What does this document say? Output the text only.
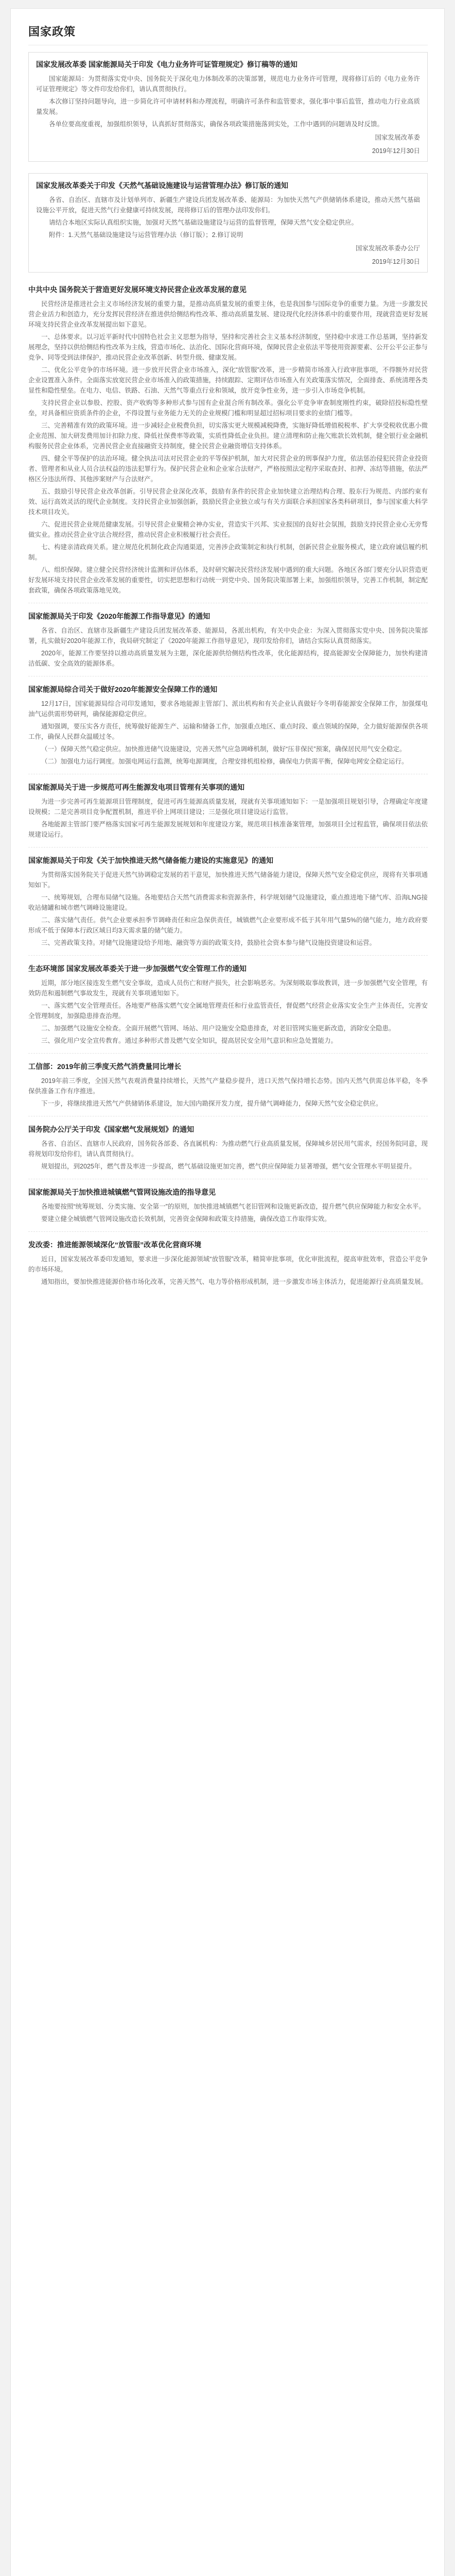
国家政策
国家发展改革委 国家能源局关于印发《电力业务许可证管理规定》修订稿等的通知

国家能源局：为贯彻落实党中央、国务院关于深化电力体制改革的决策部署，规范电力业务许可管理，现将修订后的《电力业务许可证管理规定》等文件印发给你们，请认真贯彻执行。

本次修订坚持问题导向，进一步简化许可申请材料和办理流程，明确许可条件和监管要求，强化事中事后监管，推动电力行业高质量发展。

各单位要高度重视，加强组织领导，认真抓好贯彻落实，确保各项政策措施落到实处，工作中遇到的问题请及时反馈。

国家发展改革委
2019年12月30日
国家发展改革委关于印发《天然气基础设施建设与运营管理办法》修订版的通知

各省、自治区、直辖市及计划单列市、新疆生产建设兵团发展改革委、能源局：为加快天然气产供储销体系建设，推动天然气基础设施公平开放，促进天然气行业健康可持续发展，现将修订后的管理办法印发你们。

请结合本地区实际认真组织实施，加强对天然气基础设施建设与运营的监督管理，保障天然气安全稳定供应。

附件：1.天然气基础设施建设与运营管理办法（修订版）；2.修订说明

国家发展改革委办公厅
2019年12月30日
中共中央 国务院关于营造更好发展环境支持民营企业改革发展的意见

民营经济是推进社会主义市场经济发展的重要力量，是推动高质量发展的重要主体，也是我国参与国际竞争的重要力量。为进一步激发民营企业活力和创造力，充分发挥民营经济在推进供给侧结构性改革、推动高质量发展、建设现代化经济体系中的重要作用，现就营造更好发展环境支持民营企业改革发展提出如下意见。

一、总体要求。以习近平新时代中国特色社会主义思想为指导，坚持和完善社会主义基本经济制度，坚持稳中求进工作总基调，坚持新发展理念，坚持以供给侧结构性改革为主线，营造市场化、法治化、国际化营商环境，保障民营企业依法平等使用资源要素、公开公平公正参与竞争、同等受到法律保护，推动民营企业改革创新、转型升级、健康发展。

二、优化公平竞争的市场环境。进一步放开民营企业市场准入，深化“放管服”改革，进一步精简市场准入行政审批事项，不得额外对民营企业设置准入条件。全面落实放宽民营企业市场准入的政策措施，持续跟踪、定期评估市场准入有关政策落实情况，全面排查、系统清理各类显性和隐性壁垒。在电力、电信、铁路、石油、天然气等重点行业和领域，放开竞争性业务，进一步引入市场竞争机制。

支持民营企业以参股、控股、资产收购等多种形式参与国有企业混合所有制改革。强化公平竞争审查制度刚性约束，破除招投标隐性壁垒，对具备相应资质条件的企业，不得设置与业务能力无关的企业规模门槛和明显超过招标项目要求的业绩门槛等。

三、完善精准有效的政策环境。进一步减轻企业税费负担，切实落实更大规模减税降费，实施好降低增值税税率、扩大享受税收优惠小微企业范围、加大研发费用加计扣除力度、降低社保费率等政策，实质性降低企业负担。建立清理和防止拖欠账款长效机制，健全银行业金融机构服务民营企业体系，完善民营企业直接融资支持制度，健全民营企业融资增信支持体系。

四、健全平等保护的法治环境。健全执法司法对民营企业的平等保护机制，加大对民营企业的刑事保护力度，依法惩治侵犯民营企业投资者、管理者和从业人员合法权益的违法犯罪行为。保护民营企业和企业家合法财产，严格按照法定程序采取查封、扣押、冻结等措施，依法严格区分违法所得、其他涉案财产与合法财产。

五、鼓励引导民营企业改革创新。引导民营企业深化改革，鼓励有条件的民营企业加快建立治理结构合理、股东行为规范、内部约束有效、运行高效灵活的现代企业制度。支持民营企业加强创新，鼓励民营企业独立或与有关方面联合承担国家各类科研项目，参与国家重大科学技术项目攻关。

六、促进民营企业规范健康发展。引导民营企业聚精会神办实业，营造实干兴邦、实业报国的良好社会氛围，鼓励支持民营企业心无旁骛做实业。推动民营企业守法合规经营，推动民营企业积极履行社会责任。

七、构建亲清政商关系。建立规范化机制化政企沟通渠道，完善涉企政策制定和执行机制，创新民营企业服务模式，建立政府诚信履约机制。

八、组织保障。建立健全民营经济统计监测和评估体系，及时研究解决民营经济发展中遇到的重大问题。各地区各部门要充分认识营造更好发展环境支持民营企业改革发展的重要性，切实把思想和行动统一到党中央、国务院决策部署上来，加强组织领导，完善工作机制，制定配套政策，确保各项政策落地见效。

国家能源局关于印发《2020年能源工作指导意见》的通知

各省、自治区、直辖市及新疆生产建设兵团发展改革委、能源局，各派出机构，有关中央企业：为深入贯彻落实党中央、国务院决策部署，扎实做好2020年能源工作，我局研究制定了《2020年能源工作指导意见》，现印发给你们，请结合实际认真贯彻落实。

2020年，能源工作要坚持以推动高质量发展为主题，深化能源供给侧结构性改革，优化能源结构，提高能源安全保障能力，加快构建清洁低碳、安全高效的能源体系。

国家能源局综合司关于做好2020年能源安全保障工作的通知

12月17日，国家能源局综合司印发通知，要求各地能源主管部门、派出机构和有关企业认真做好今冬明春能源安全保障工作，加强煤电油气运供需形势研判，确保能源稳定供应。

通知强调，要压实各方责任，统筹做好能源生产、运输和储备工作，加强重点地区、重点时段、重点领域的保障，全力做好能源保供各项工作，确保人民群众温暖过冬。

（一）保障天然气稳定供应。加快推进储气设施建设，完善天然气应急调峰机制，做好“压非保民”预案，确保居民用气安全稳定。

（二）加强电力运行调度。加强电网运行监测，统筹电源调度，合理安排机组检修，确保电力供需平衡，保障电网安全稳定运行。

国家能源局关于进一步规范可再生能源发电项目管理有关事项的通知

为进一步完善可再生能源项目管理制度，促进可再生能源高质量发展，现就有关事项通知如下：一是加强项目规划引导，合理确定年度建设规模；二是完善项目竞争配置机制，推进平价上网项目建设；三是强化项目建设运行监管。

各地能源主管部门要严格落实国家可再生能源发展规划和年度建设方案，规范项目核准备案管理，加强项目全过程监管，确保项目依法依规建设运行。

国家能源局关于印发《关于加快推进天然气储备能力建设的实施意见》的通知

为贯彻落实国务院关于促进天然气协调稳定发展的若干意见，加快推进天然气储备能力建设，保障天然气安全稳定供应，现将有关事项通知如下。

一、统筹规划，合理布局储气设施。各地要结合天然气消费需求和资源条件，科学规划储气设施建设，重点推进地下储气库、沿海LNG接收站储罐和城市燃气调峰设施建设。

二、落实储气责任。供气企业要承担季节调峰责任和应急保供责任，城镇燃气企业要形成不低于其年用气量5%的储气能力，地方政府要形成不低于保障本行政区域日均3天需求量的储气能力。

三、完善政策支持。对储气设施建设给予用地、融资等方面的政策支持，鼓励社会资本参与储气设施投资建设和运营。

生态环境部 国家发展改革委关于进一步加强燃气安全管理工作的通知

近期，部分地区接连发生燃气安全事故，造成人员伤亡和财产损失，社会影响恶劣。为深刻吸取事故教训，进一步加强燃气安全管理，有效防范和遏制燃气事故发生，现就有关事项通知如下。

一、落实燃气安全管理责任。各地要严格落实燃气安全属地管理责任和行业监管责任，督促燃气经营企业落实安全生产主体责任，完善安全管理制度，加强隐患排查治理。

二、加强燃气设施安全检查。全面开展燃气管网、场站、用户设施安全隐患排查，对老旧管网实施更新改造，消除安全隐患。

三、强化用户安全宣传教育。通过多种形式普及燃气安全知识，提高居民安全用气意识和应急处置能力。

工信部：2019年前三季度天然气消费量同比增长

2019年前三季度，全国天然气表观消费量持续增长，天然气产量稳步提升，进口天然气保持增长态势。国内天然气供需总体平稳，冬季保供准备工作有序推进。

下一步，将继续推进天然气产供储销体系建设，加大国内勘探开发力度，提升储气调峰能力，保障天然气安全稳定供应。

国务院办公厅关于印发《国家燃气发展规划》的通知

各省、自治区、直辖市人民政府，国务院各部委、各直属机构：为推动燃气行业高质量发展，保障城乡居民用气需求，经国务院同意，现将规划印发给你们，请认真贯彻执行。

规划提出，到2025年，燃气普及率进一步提高，燃气基础设施更加完善，燃气供应保障能力显著增强，燃气安全管理水平明显提升。

国家能源局关于加快推进城镇燃气管网设施改造的指导意见

各地要按照“统筹规划、分类实施、安全第一”的原则，加快推进城镇燃气老旧管网和设施更新改造，提升燃气供应保障能力和安全水平。

要建立健全城镇燃气管网设施改造长效机制，完善资金保障和政策支持措施，确保改造工作取得实效。

发改委：推进能源领域深化“放管服”改革优化营商环境

近日，国家发展改革委印发通知，要求进一步深化能源领域“放管服”改革，精简审批事项，优化审批流程，提高审批效率，营造公平竞争的市场环境。

通知指出，要加快推进能源价格市场化改革，完善天然气、电力等价格形成机制，进一步激发市场主体活力，促进能源行业高质量发展。
